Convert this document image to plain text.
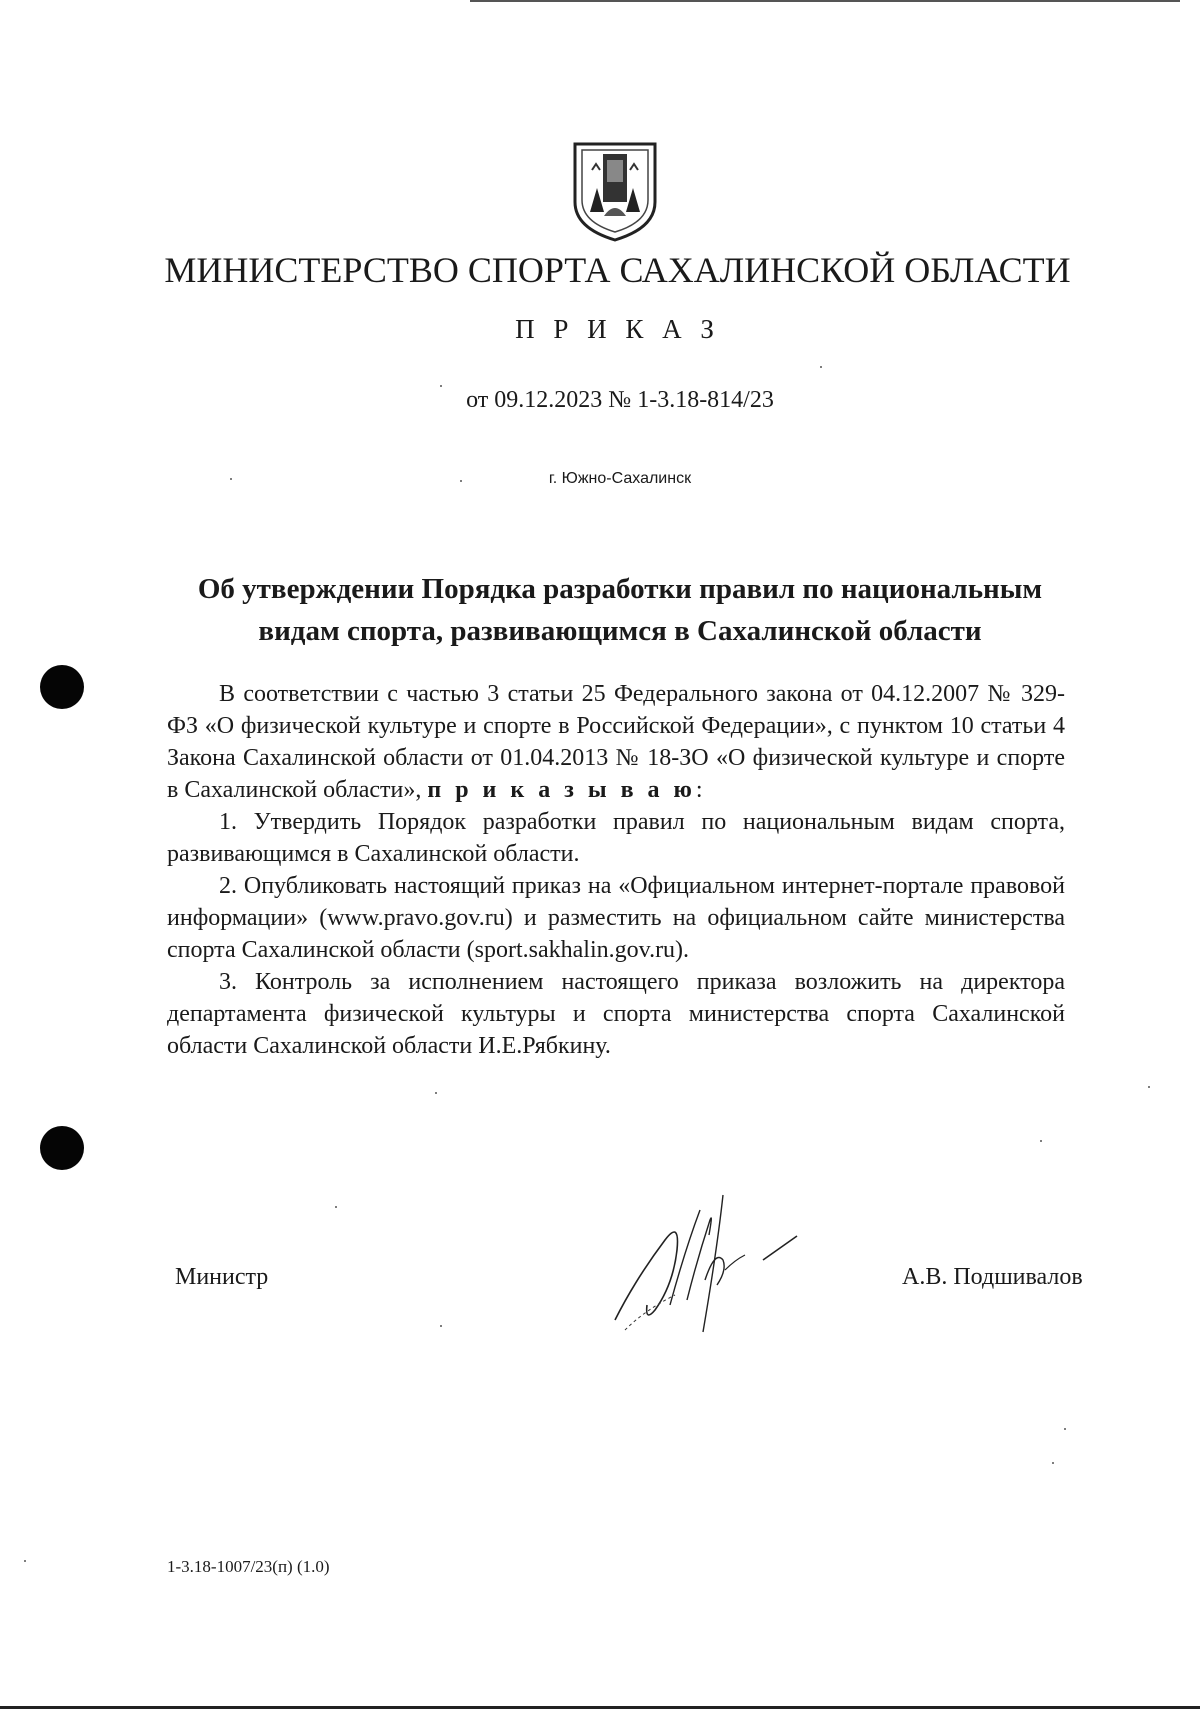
МИНИСТЕРСТВО СПОРТА САХАЛИНСКОЙ ОБЛАСТИ
П Р И К А З
от 09.12.2023 № 1-3.18-814/23
г. Южно-Сахалинск
Об утверждении Порядка разработки правил по национальным
видам спорта, развивающимся в Сахалинской области

В соответствии с частью 3 статьи 25 Федерального закона от 04.12.2007 № 329-ФЗ «О физической культуре и спорте в Российской Федерации», с пунктом 10 статьи 4 Закона Сахалинской области от 01.04.2013 № 18-ЗО «О физической культуре и спорте в Сахалинской области», п р и к а з ы в а ю:

1. Утвердить Порядок разработки правил по национальным видам спорта, развивающимся в Сахалинской области.

2. Опубликовать настоящий приказ на «Официальном интернет-портале правовой информации» (www.pravo.gov.ru) и разместить на официальном сайте министерства спорта Сахалинской области (sport.sakhalin.gov.ru).

3. Контроль за исполнением настоящего приказа возложить на директора департамента физической культуры и спорта министерства спорта Сахалинской области Сахалинской области И.Е.Рябкину.

Министр	А.В. Подшивалов
1-3.18-1007/23(п) (1.0)
